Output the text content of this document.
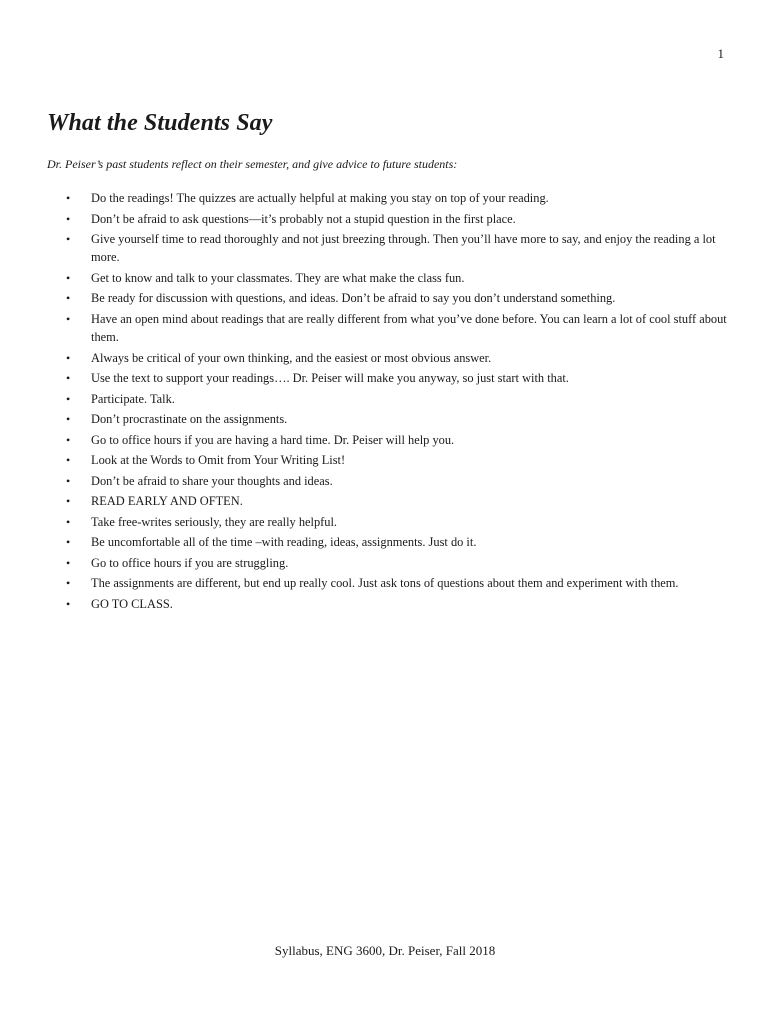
1
What the Students Say

Dr. Peiser’s past students reflect on their semester, and give advice to future students:

• Do the readings! The quizzes are actually helpful at making you stay on top of your reading.
• Don’t be afraid to ask questions—it’s probably not a stupid question in the first place.
• Give yourself time to read thoroughly and not just breezing through. Then you’ll have more to say, and enjoy the reading a lot more.
• Get to know and talk to your classmates. They are what make the class fun.
• Be ready for discussion with questions, and ideas. Don’t be afraid to say you don’t understand something.
• Have an open mind about readings that are really different from what you’ve done before. You can learn a lot of cool stuff about them.
• Always be critical of your own thinking, and the easiest or most obvious answer.
• Use the text to support your readings…. Dr. Peiser will make you anyway, so just start with that.
• Participate. Talk.
• Don’t procrastinate on the assignments.
• Go to office hours if you are having a hard time. Dr. Peiser will help you.
• Look at the Words to Omit from Your Writing List!
• Don’t be afraid to share your thoughts and ideas.
• READ EARLY AND OFTEN.
• Take free-writes seriously, they are really helpful.
• Be uncomfortable all of the time –with reading, ideas, assignments. Just do it.
• Go to office hours if you are struggling.
• The assignments are different, but end up really cool. Just ask tons of questions about them and experiment with them.
• GO TO CLASS.
Syllabus, ENG 3600, Dr. Peiser, Fall 2018
